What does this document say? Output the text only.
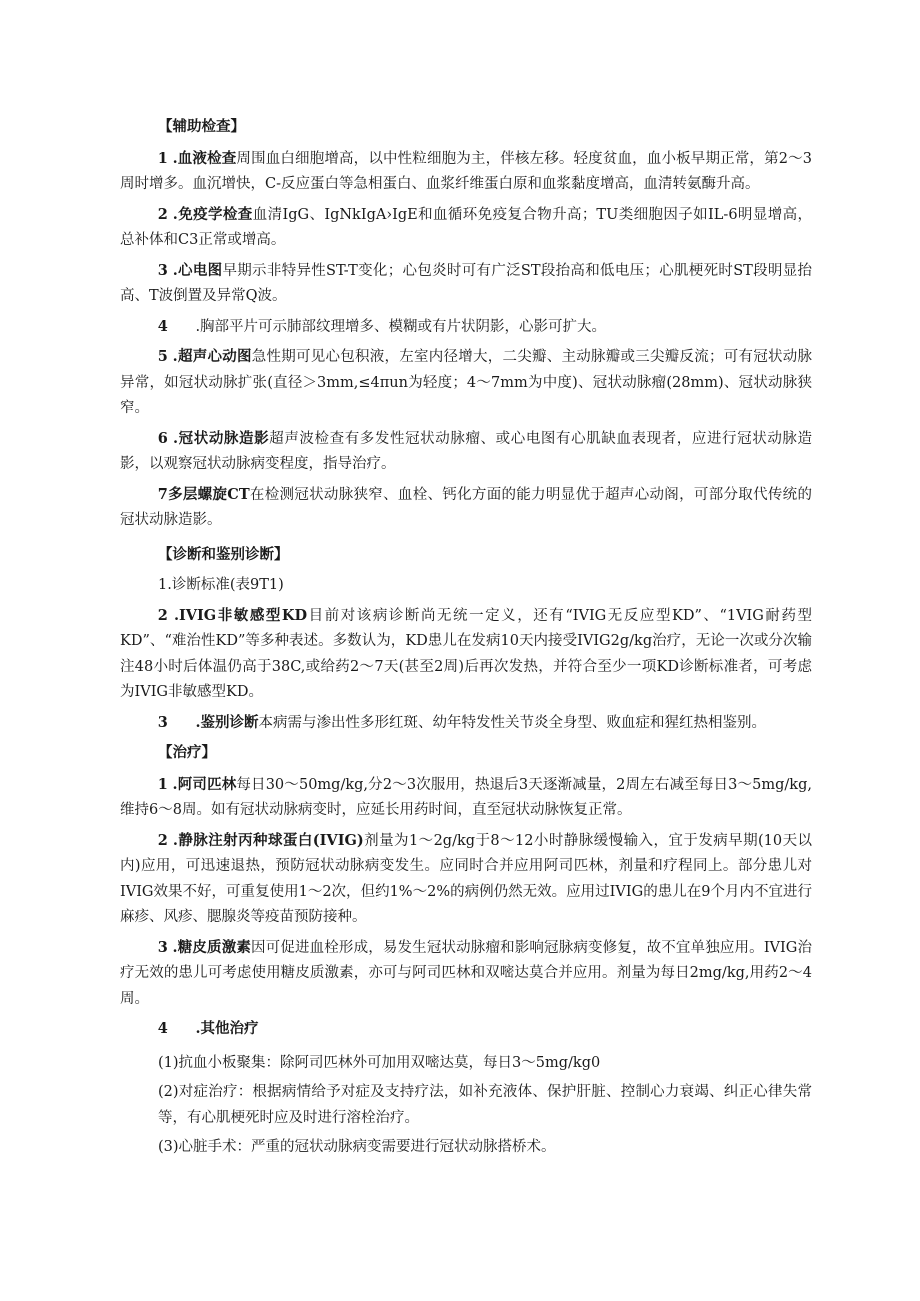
【辅助检查】

1 .血液检查周围血白细胞增高，以中性粒细胞为主，伴核左移。轻度贫血，血小板早期正常，第2～3周时增多。血沉增快，C-反应蛋白等急相蛋白、血浆纤维蛋白原和血浆黏度增高，血清转氨酶升高。

2 .免疫学检查血清IgG、IgNkIgA›IgE和血循环免疫复合物升高；TU类细胞因子如IL-6明显增高，总补体和C3正常或增高。

3 .心电图早期示非特异性ST-T变化；心包炎时可有广泛ST段抬高和低电压；心肌梗死时ST段明显抬高、T波倒置及异常Q波。

4 .胸部平片可示肺部纹理增多、模糊或有片状阴影，心影可扩大。

5 .超声心动图急性期可见心包积液，左室内径增大，二尖瓣、主动脉瓣或三尖瓣反流；可有冠状动脉异常，如冠状动脉扩张(直径＞3mm,≤4πun为轻度；4～7mm为中度)、冠状动脉瘤(28mm)、冠状动脉狭窄。

6 .冠状动脉造影超声波检查有多发性冠状动脉瘤、或心电图有心肌缺血表现者，应进行冠状动脉造影，以观察冠状动脉病变程度，指导治疗。

7多层螺旋CT在检测冠状动脉狭窄、血栓、钙化方面的能力明显优于超声心动阁，可部分取代传统的冠状动脉造影。

【诊断和鉴别诊断】

1.诊断标准(表9T1)

2 .IVIG非敏感型KD目前对该病诊断尚无统一定义，还有“IVIG无反应型KD”、“1VIG耐药型KD”、“难治性KD”等多种表述。多数认为，KD患儿在发病10天内接受IVIG2g∕kg治疗，无论一次或分次输注48小时后体温仍高于38C,或给药2～7天(甚至2周)后再次发热，并符合至少一项KD诊断标准者，可考虑为IVIG非敏感型KD。

3 .鉴别诊断本病需与渗出性多形红斑、幼年特发性关节炎全身型、败血症和猩红热相鉴别。

【治疗】

1 .阿司匹林每日30～50mg∕kg,分2～3次服用，热退后3天逐渐减量，2周左右减至每日3～5mg∕kg,维持6～8周。如有冠状动脉病变时，应延长用药时间，直至冠状动脉恢复正常。

2 .静脉注射丙种球蛋白(IVIG)剂量为1～2g∕kg于8～12小时静脉缓慢输入，宜于发病早期(10天以内)应用，可迅速退热，预防冠状动脉病变发生。应同时合并应用阿司匹林，剂量和疗程同上。部分患儿对IVIG效果不好，可重复使用1～2次，但约1%～2%的病例仍然无效。应用过IVIG的患儿在9个月内不宜进行麻疹、风疹、腮腺炎等疫苗预防接种。

3 .糖皮质激素因可促进血栓形成，易发生冠状动脉瘤和影响冠脉病变修复，故不宜单独应用。IVIG治疗无效的患儿可考虑使用糖皮质激素，亦可与阿司匹林和双嘧达莫合并应用。剂量为每日2mg∕kg,用药2～4周。

4 .其他治疗

(1)抗血小板聚集：除阿司匹林外可加用双嘧达莫，每日3～5mg∕kg0

(2)对症治疗：根据病情给予对症及支持疗法，如补充液体、保护肝脏、控制心力衰竭、纠正心律失常等，有心肌梗死时应及时进行溶栓治疗。

(3)心脏手术：严重的冠状动脉病变需要进行冠状动脉搭桥术。
